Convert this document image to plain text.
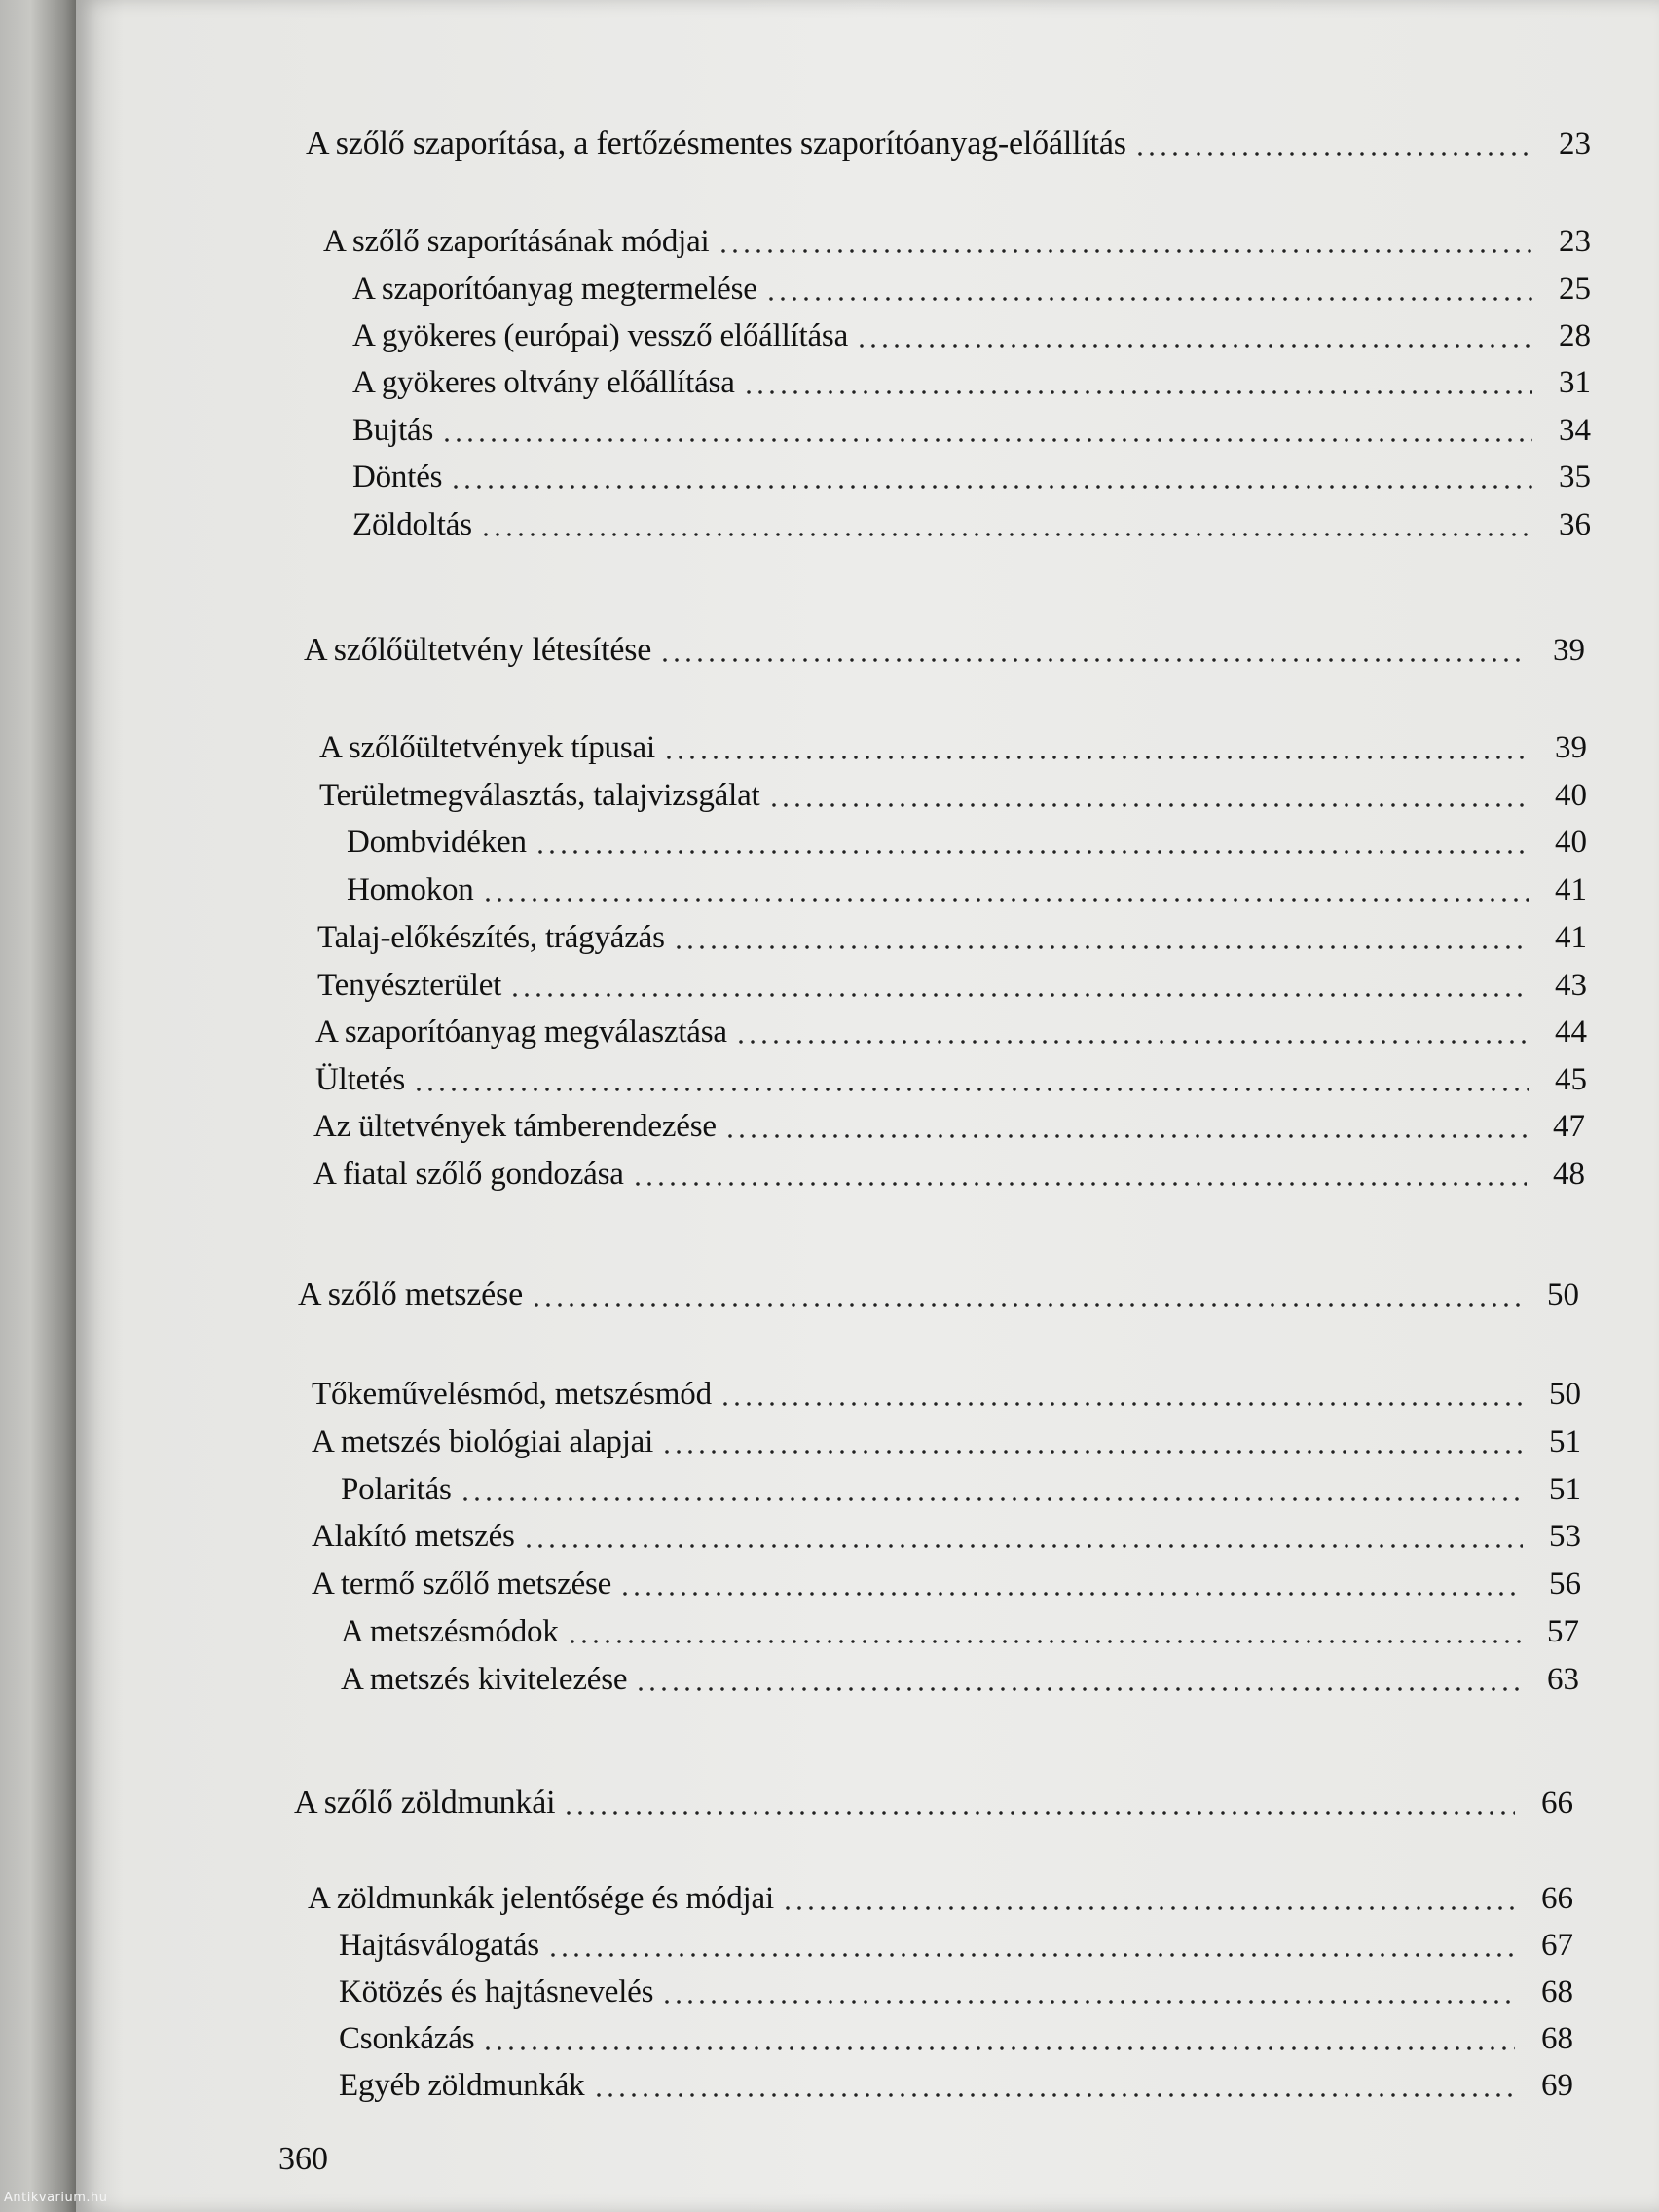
A szőlő szaporítása, a fertőzésmentes szaporítóanyag-előállítás	23
A szőlő szaporításának módjai	23
A szaporítóanyag megtermelése	25
A gyökeres (európai) vessző előállítása	28
A gyökeres oltvány előállítása	31
Bujtás	34
Döntés	35
Zöldoltás	36
A szőlőültetvény létesítése	39
A szőlőültetvények típusai	39
Területmegválasztás, talajvizsgálat	40
Dombvidéken	40
Homokon	41
Talaj-előkészítés, trágyázás	41
Tenyészterület	43
A szaporítóanyag megválasztása	44
Ültetés	45
Az ültetvények támberendezése	47
A fiatal szőlő gondozása	48
A szőlő metszése	50
Tőkeművelésmód, metszésmód	50
A metszés biológiai alapjai	51
Polaritás	51
Alakító metszés	53
A termő szőlő metszése	56
A metszésmódok	57
A metszés kivitelezése	63
A szőlő zöldmunkái	66
A zöldmunkák jelentősége és módjai	66
Hajtásválogatás	67
Kötözés és hajtásnevelés	68
Csonkázás	68
Egyéb zöldmunkák	69
360
Antikvarium.hu
